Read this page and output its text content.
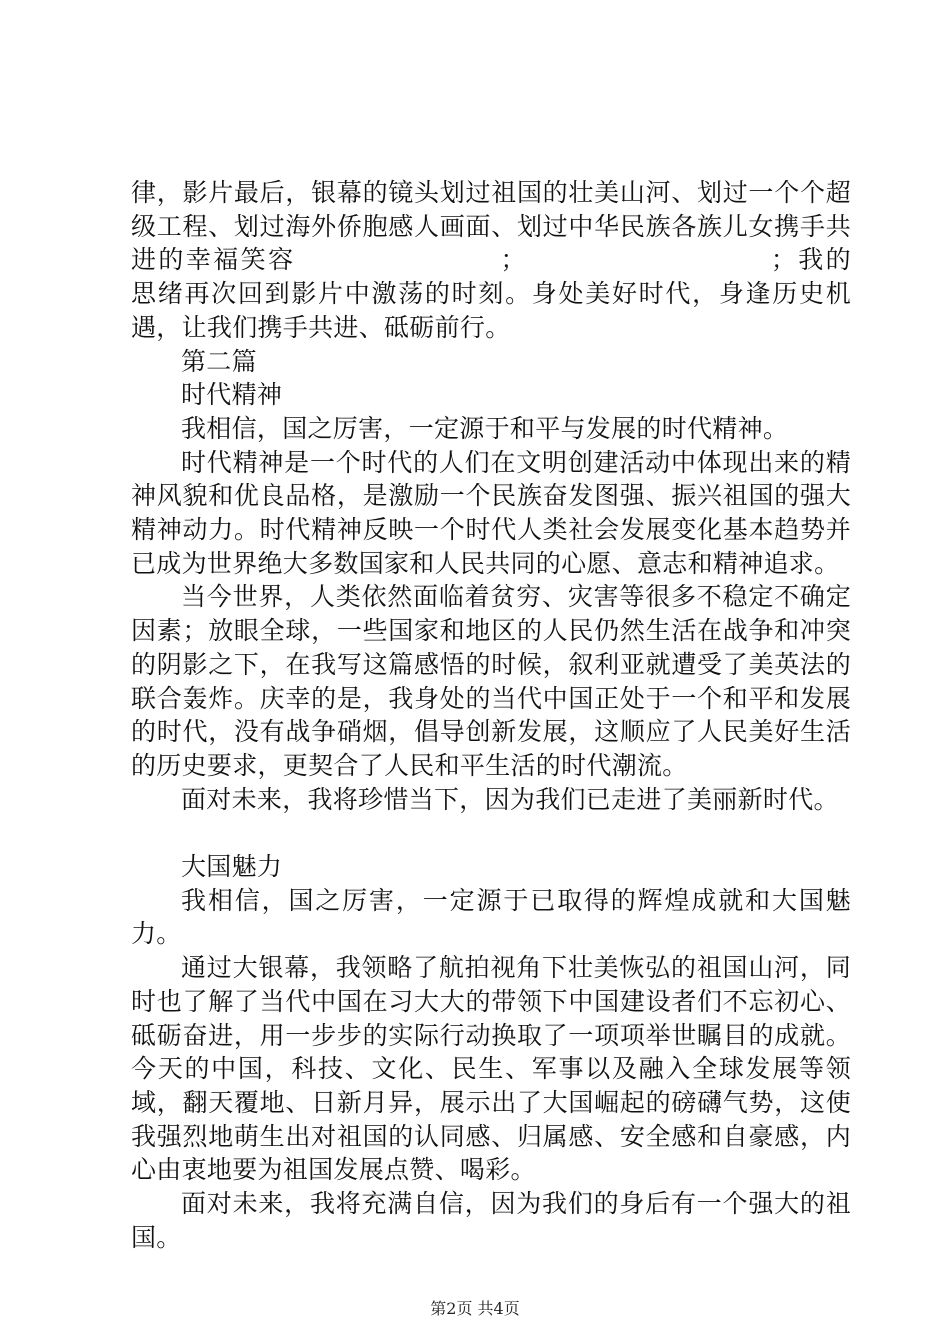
律，影片最后，银幕的镜头划过祖国的壮美山河、划过一个个超级工程、划过海外侨胞感人画面、划过中华民族各族儿女携手共进的幸福笑容	；	；我的思绪再次回到影片中激荡的时刻。身处美好时代，身逢历史机遇，让我们携手共进、砥砺前行。

第二篇

时代精神

我相信，国之厉害，一定源于和平与发展的时代精神。

时代精神是一个时代的人们在文明创建活动中体现出来的精神风貌和优良品格，是激励一个民族奋发图强、振兴祖国的强大精神动力。时代精神反映一个时代人类社会发展变化基本趋势并已成为世界绝大多数国家和人民共同的心愿、意志和精神追求。

当今世界，人类依然面临着贫穷、灾害等很多不稳定不确定因素；放眼全球，一些国家和地区的人民仍然生活在战争和冲突的阴影之下，在我写这篇感悟的时候，叙利亚就遭受了美英法的联合轰炸。庆幸的是，我身处的当代中国正处于一个和平和发展的时代，没有战争硝烟，倡导创新发展，这顺应了人民美好生活的历史要求，更契合了人民和平生活的时代潮流。

面对未来，我将珍惜当下，因为我们已走进了美丽新时代。

大国魅力

我相信，国之厉害，一定源于已取得的辉煌成就和大国魅力。

通过大银幕，我领略了航拍视角下壮美恢弘的祖国山河，同时也了解了当代中国在习大大的带领下中国建设者们不忘初心、砥砺奋进，用一步步的实际行动换取了一项项举世瞩目的成就。今天的中国，科技、文化、民生、军事以及融入全球发展等领域，翻天覆地、日新月异，展示出了大国崛起的磅礴气势，这使我强烈地萌生出对祖国的认同感、归属感、安全感和自豪感，内心由衷地要为祖国发展点赞、喝彩。

面对未来，我将充满自信，因为我们的身后有一个强大的祖国。

第2页 共4页
